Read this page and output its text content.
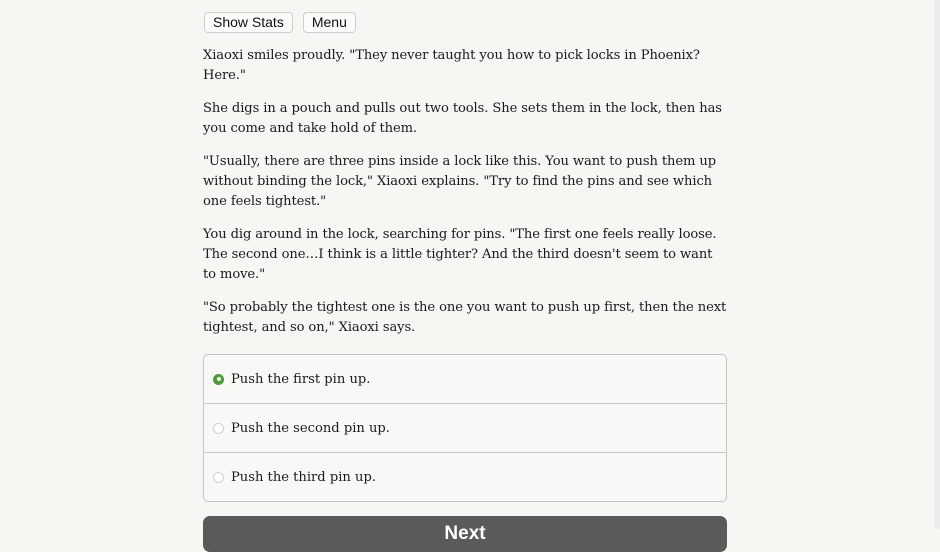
Show Stats	Menu

Xiaoxi smiles proudly. "They never taught you how to pick locks in Phoenix? Here."

She digs in a pouch and pulls out two tools. She sets them in the lock, then has you come and take hold of them.

"Usually, there are three pins inside a lock like this. You want to push them up without binding the lock," Xiaoxi explains. "Try to find the pins and see which one feels tightest."

You dig around in the lock, searching for pins. "The first one feels really loose. The second one…I think is a little tighter? And the third doesn't seem to want to move."

"So probably the tightest one is the one you want to push up first, then the next tightest, and so on," Xiaoxi says.

Push the first pin up.
Push the second pin up.
Push the third pin up.
Next
